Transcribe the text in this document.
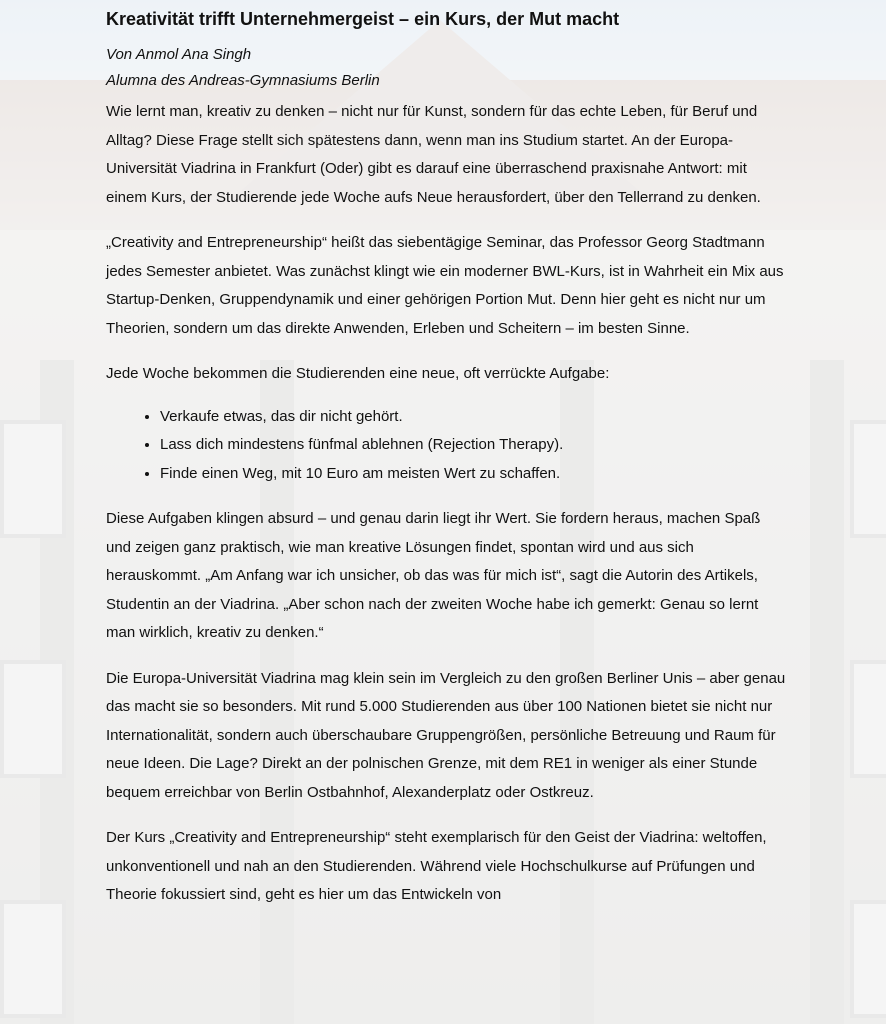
Kreativität trifft Unternehmergeist – ein Kurs, der Mut macht

Von Anmol Ana Singh

Alumna des Andreas-Gymnasiums Berlin

Wie lernt man, kreativ zu denken – nicht nur für Kunst, sondern für das echte Leben, für Beruf und Alltag? Diese Frage stellt sich spätestens dann, wenn man ins Studium startet. An der Europa-Universität Viadrina in Frankfurt (Oder) gibt es darauf eine überraschend praxisnahe Antwort: mit einem Kurs, der Studierende jede Woche aufs Neue herausfordert, über den Tellerrand zu denken.

„Creativity and Entrepreneurship“ heißt das siebentägige Seminar, das Professor Georg Stadtmann jedes Semester anbietet. Was zunächst klingt wie ein moderner BWL-Kurs, ist in Wahrheit ein Mix aus Startup-Denken, Gruppendynamik und einer gehörigen Portion Mut. Denn hier geht es nicht nur um Theorien, sondern um das direkte Anwenden, Erleben und Scheitern – im besten Sinne.

Jede Woche bekommen die Studierenden eine neue, oft verrückte Aufgabe:

• Verkaufe etwas, das dir nicht gehört.
• Lass dich mindestens fünfmal ablehnen (Rejection Therapy).
• Finde einen Weg, mit 10 Euro am meisten Wert zu schaffen.

Diese Aufgaben klingen absurd – und genau darin liegt ihr Wert. Sie fordern heraus, machen Spaß und zeigen ganz praktisch, wie man kreative Lösungen findet, spontan wird und aus sich herauskommt. „Am Anfang war ich unsicher, ob das was für mich ist“, sagt die Autorin des Artikels, Studentin an der Viadrina. „Aber schon nach der zweiten Woche habe ich gemerkt: Genau so lernt man wirklich, kreativ zu denken.“

Die Europa-Universität Viadrina mag klein sein im Vergleich zu den großen Berliner Unis – aber genau das macht sie so besonders. Mit rund 5.000 Studierenden aus über 100 Nationen bietet sie nicht nur Internationalität, sondern auch überschaubare Gruppengrößen, persönliche Betreuung und Raum für neue Ideen. Die Lage? Direkt an der polnischen Grenze, mit dem RE1 in weniger als einer Stunde bequem erreichbar von Berlin Ostbahnhof, Alexanderplatz oder Ostkreuz.

Der Kurs „Creativity and Entrepreneurship“ steht exemplarisch für den Geist der Viadrina: weltoffen, unkonventionell und nah an den Studierenden. Während viele Hochschulkurse auf Prüfungen und Theorie fokussiert sind, geht es hier um das Entwickeln von
